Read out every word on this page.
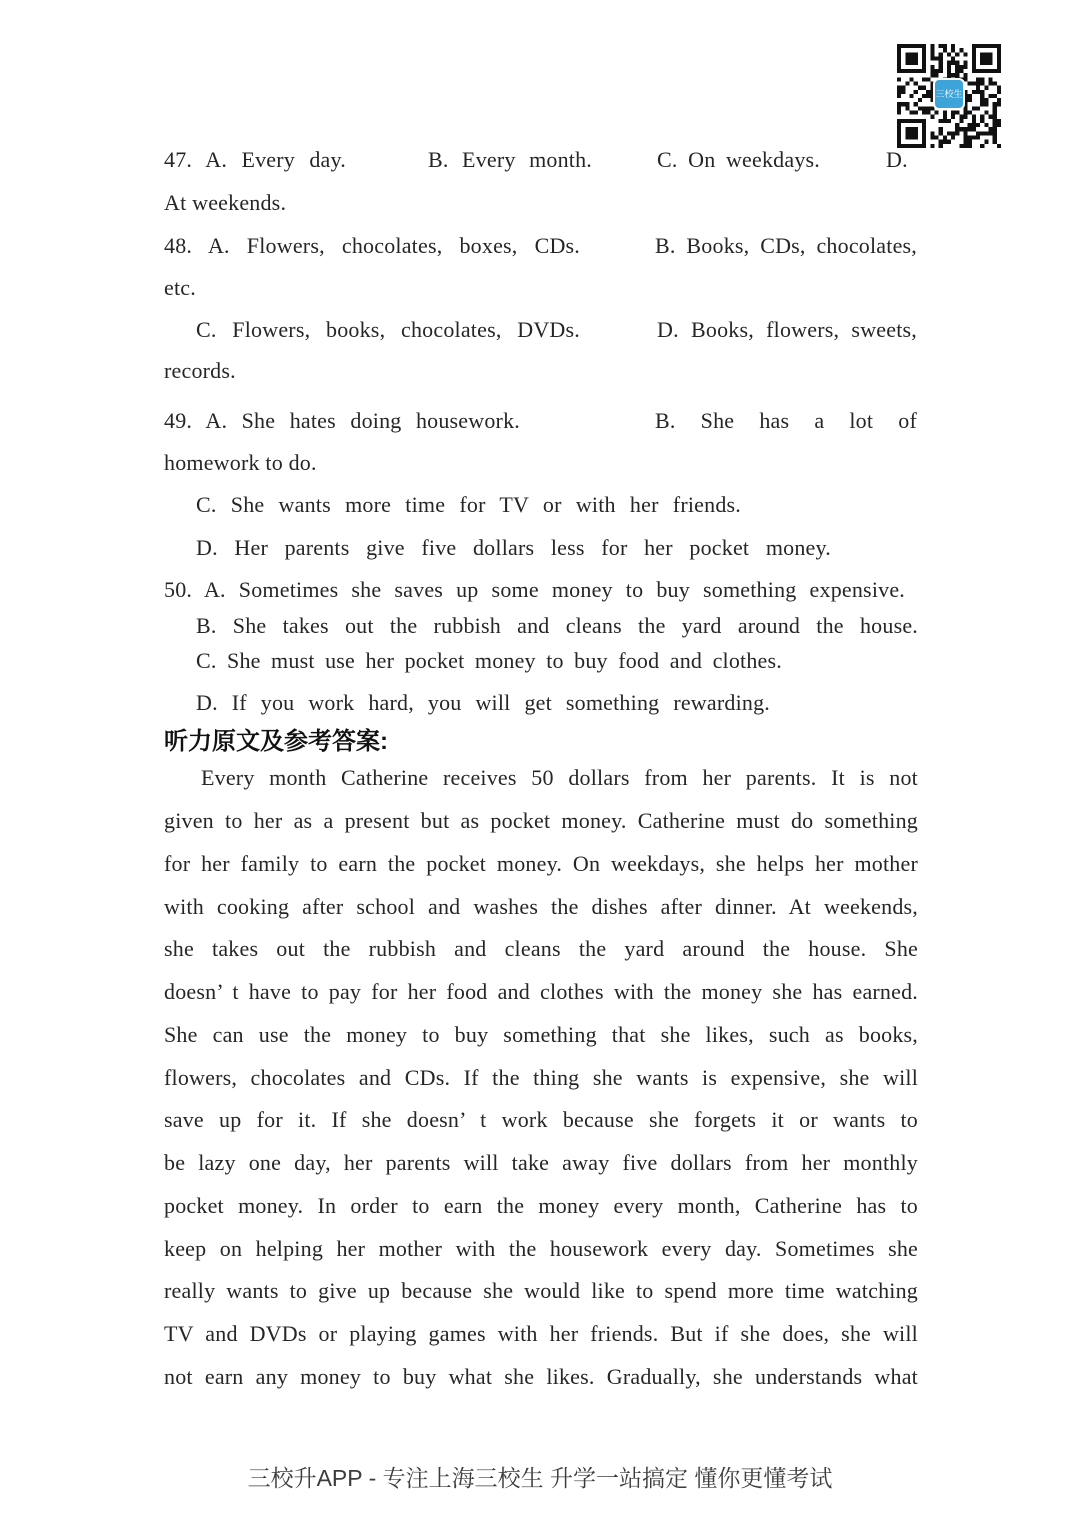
三校生
47. A. Every day.	B. Every month.	C. On weekdays.	D.
At weekends.
48. A. Flowers, chocolates, boxes, CDs.	B. Books, CDs, chocolates,
etc.
C. Flowers, books, chocolates, DVDs.	D. Books, flowers, sweets,
records.
49. A. She hates doing housework.	B. She has a lot of
homework to do.
C. She wants more time for TV or with her friends.
D. Her parents give five dollars less for her pocket money.
50. A. Sometimes she saves up some money to buy something expensive.
B. She takes out the rubbish and cleans the yard around the house.
C. She must use her pocket money to buy food and clothes.
D. If you work hard, you will get something rewarding.
听力原文及参考答案:
Every month Catherine receives 50 dollars from her parents. It is not
given to her as a present but as pocket money. Catherine must do something
for her family to earn the pocket money. On weekdays, she helps her mother
with cooking after school and washes the dishes after dinner. At weekends,
she takes out the rubbish and cleans the yard around the house. She
doesn’ t have to pay for her food and clothes with the money she has earned.
She can use the money to buy something that she likes, such as books,
flowers, chocolates and CDs. If the thing she wants is expensive, she will
save up for it. If she doesn’ t work because she forgets it or wants to
be lazy one day, her parents will take away five dollars from her monthly
pocket money. In order to earn the money every month, Catherine has to
keep on helping her mother with the housework every day. Sometimes she
really wants to give up because she would like to spend more time watching
TV and DVDs or playing games with her friends. But if she does, she will
not earn any money to buy what she likes. Gradually, she understands what
三校升APP - 专注上海三校生 升学一站搞定 懂你更懂考试
